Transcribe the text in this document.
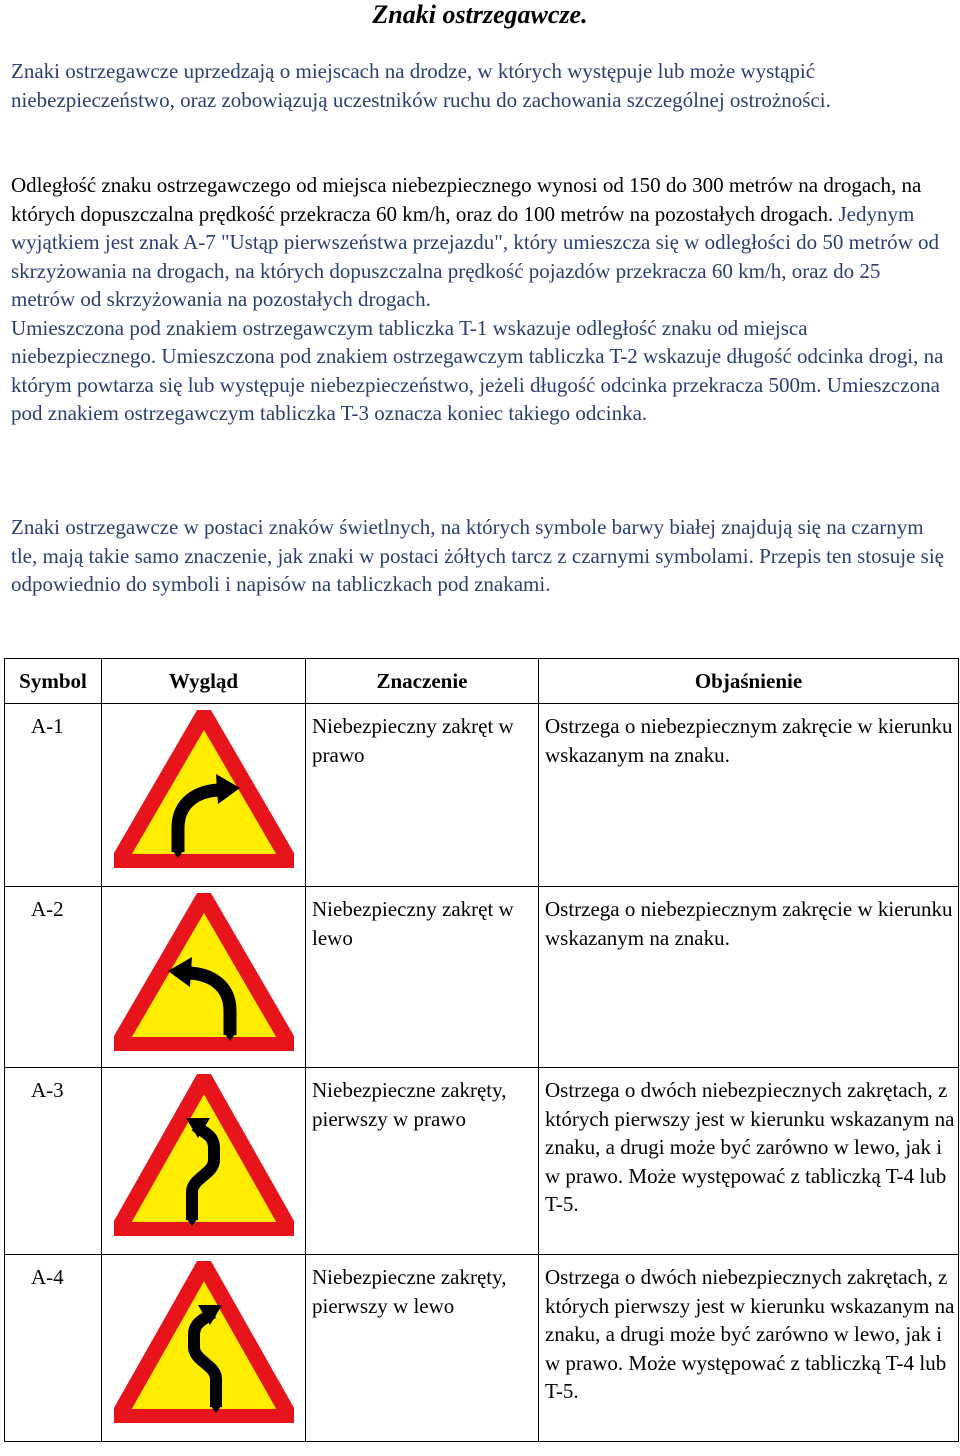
Znaki ostrzegawcze.

Znaki ostrzegawcze uprzedzają o miejscach na drodze, w których występuje lub może wystąpić niebezpieczeństwo, oraz zobowiązują uczestników ruchu do zachowania szczególnej ostrożności.

Odległość znaku ostrzegawczego od miejsca niebezpiecznego wynosi od 150 do 300 metrów na drogach, na których dopuszczalna prędkość przekracza 60 km/h, oraz do 100 metrów na pozostałych drogach. Jedynym wyjątkiem jest znak A-7 "Ustąp pierwszeństwa przejazdu", który umieszcza się w odległości do 50 metrów od skrzyżowania na drogach, na których dopuszczalna prędkość pojazdów przekracza 60 km/h, oraz do 25 metrów od skrzyżowania na pozostałych drogach.
Umieszczona pod znakiem ostrzegawczym tabliczka T-1 wskazuje odległość znaku od miejsca niebezpiecznego. Umieszczona pod znakiem ostrzegawczym tabliczka T-2 wskazuje długość odcinka drogi, na którym powtarza się lub występuje niebezpieczeństwo, jeżeli długość odcinka przekracza 500m. Umieszczona pod znakiem ostrzegawczym tabliczka T-3 oznacza koniec takiego odcinka.

Znaki ostrzegawcze w postaci znaków świetlnych, na których symbole barwy białej znajdują się na czarnym tle, mają takie samo znaczenie, jak znaki w postaci żółtych tarcz z czarnymi symbolami. Przepis ten stosuje się odpowiednio do symboli i napisów na tabliczkach pod znakami.

Symbol	Wygląd	Znaczenie	Objaśnienie

A-1		Niebezpieczny zakręt w prawo	Ostrzega o niebezpiecznym zakręcie w kierunku wskazanym na znaku.

A-2		Niebezpieczny zakręt w lewo	Ostrzega o niebezpiecznym zakręcie w kierunku wskazanym na znaku.

A-3		Niebezpieczne zakręty, pierwszy w prawo	Ostrzega o dwóch niebezpiecznych zakrętach, z których pierwszy jest w kierunku wskazanym na znaku, a drugi może być zarówno w lewo, jak i w prawo. Może występować z tabliczką T-4 lub T-5.

A-4		Niebezpieczne zakręty, pierwszy w lewo	Ostrzega o dwóch niebezpiecznych zakrętach, z których pierwszy jest w kierunku wskazanym na znaku, a drugi może być zarówno w lewo, jak i w prawo. Może występować z tabliczką T-4 lub T-5.
